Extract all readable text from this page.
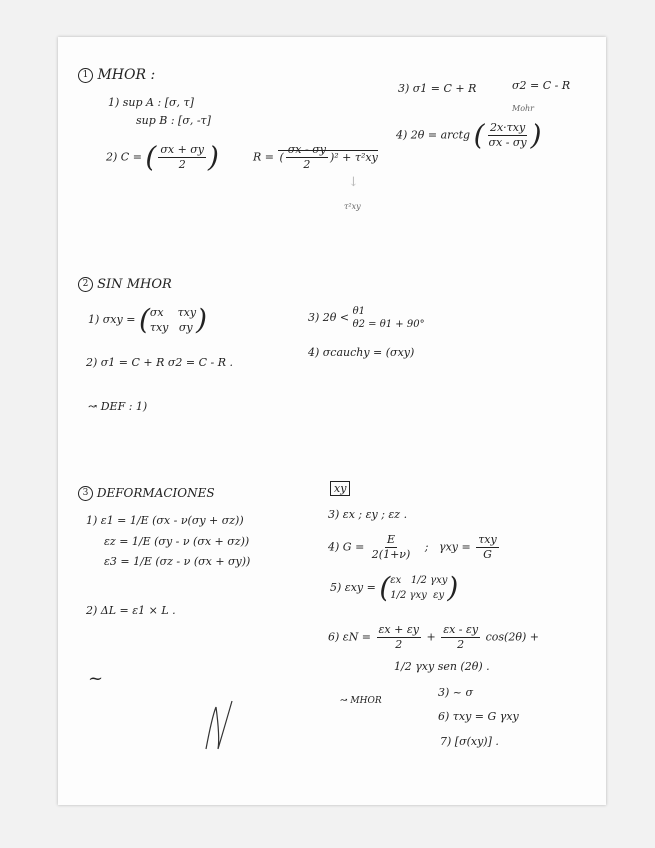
1 MHOR :
1) sup A : [σ, τ]
sup B : [σ, -τ]
2) C = ( $\frac{\sigma x + \sigma y}{2}$ )	R = ( $\frac{\sigma x - \sigma y}{2} )^2 + \tau^2xy$
↓
τ²xy
3) σ1 = C + R	σ2 = C - R
Mohr
4) 2θ = arctg ( $\frac{\text{2x·τxy}}{\sigma x - \sigma y}$ )
2 SIN MHOR
1) σxy = (σx τxy
τxy σy )
2) σ1 = C + R σ2 = C - R .
↝ DEF : 1)
3) 2θ < θ1
θ2 = θ1 + 90°
4) σcauchy = (σxy)
3 DEFORMACIONES
1) ε1 = 1/E (σx - ν(σy + σz))
εz = 1/E (σy - ν (σx + σz))
ε3 = 1/E (σz - ν (σx + σy))
2) ΔL = ε1 × L .
~
xy
3) εx ; εy ; εz .
4) $G = \frac{E}{2(1+\nu)}$ ; $\gamma xy = \frac{\text{τxy}}{G}$
5) εxy = (εx 1/2 γxy
1/2 γxy εy )
6) $\varepsilon N = \frac{\varepsilon x + \varepsilon y}{2} + \frac{\varepsilon x - \varepsilon y}{2} \cos(2\theta)$ +
1/2 γxy sen (2θ) .
↝ MHOR
3) ~ σ
6) τxy = G γxy
7) [σ(xy)] .
